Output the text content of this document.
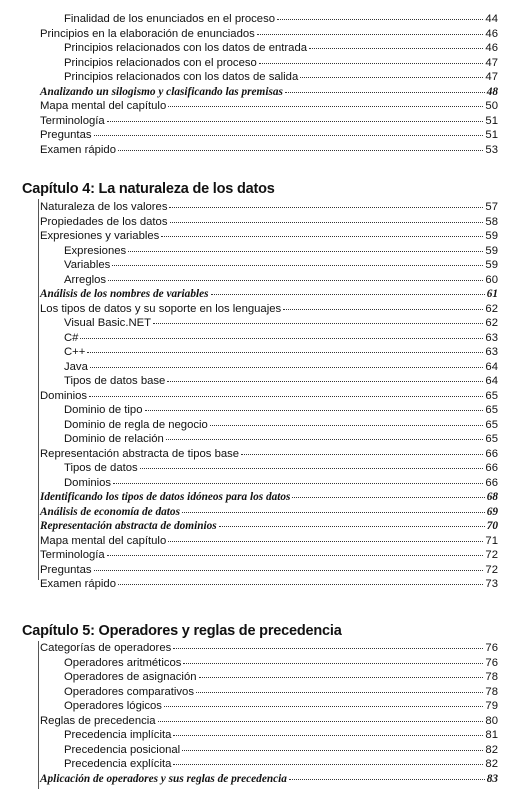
Finalidad de los enunciados en el proceso	44
Principios en la elaboración de enunciados	46
Principios relacionados con los datos de entrada	46
Principios relacionados con el proceso	47
Principios relacionados con los datos de salida	47
Analizando un silogismo y clasificando las premisas	48
Mapa mental del capítulo	50
Terminología	51
Preguntas	51
Examen rápido	53
Capítulo 4: La naturaleza de los datos
Naturaleza de los valores	57
Propiedades de los datos	58
Expresiones y variables	59
Expresiones	59
Variables	59
Arreglos	60
Análisis de los nombres de variables	61
Los tipos de datos y su soporte en los lenguajes	62
Visual Basic.NET	62
C#	63
C++	63
Java	64
Tipos de datos base	64
Dominios	65
Dominio de tipo	65
Dominio de regla de negocio	65
Dominio de relación	65
Representación abstracta de tipos base	66
Tipos de datos	66
Dominios	66
Identificando los tipos de datos idóneos para los datos	68
Análisis de economía de datos	69
Representación abstracta de dominios	70
Mapa mental del capítulo	71
Terminología	72
Preguntas	72
Examen rápido	73
Capítulo 5: Operadores y reglas de precedencia
Categorías de operadores	76
Operadores aritméticos	76
Operadores de asignación	78
Operadores comparativos	78
Operadores lógicos	79
Reglas de precedencia	80
Precedencia implícita	81
Precedencia posicional	82
Precedencia explícita	82
Aplicación de operadores y sus reglas de precedencia	83
